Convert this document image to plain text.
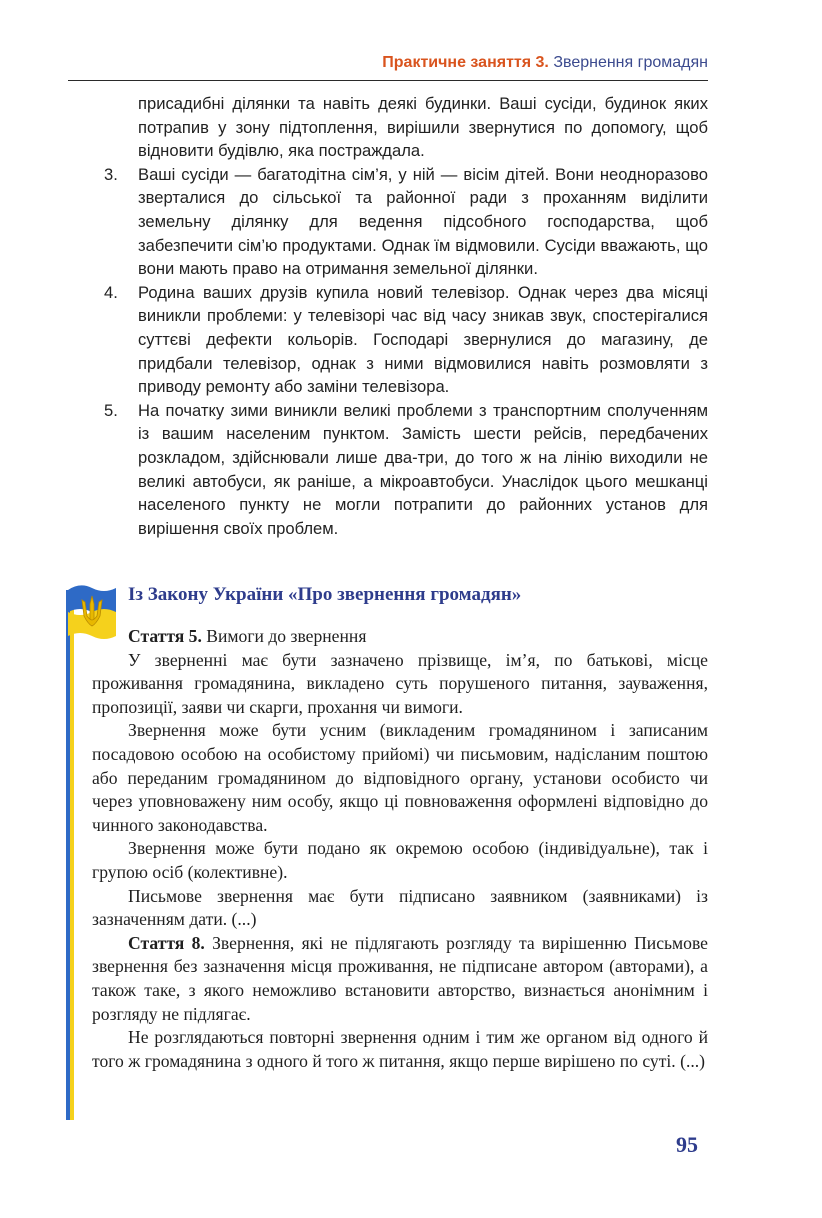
Практичне заняття 3. Звернення громадян
присадибні ділянки та навіть деякі будинки. Ваші сусіди, будинок яких потрапив у зону підтоплення, вирішили звернутися по допомогу, щоб відновити будівлю, яка постраждала.
3. Ваші сусіди — багатодітна сім’я, у ній — вісім дітей. Вони неодноразово зверталися до сільської та районної ради з проханням виділити земельну ділянку для ведення підсобного господарства, щоб забезпечити сім’ю продуктами. Однак їм відмовили. Сусіди вважають, що вони мають право на отримання земельної ділянки.
4. Родина ваших друзів купила новий телевізор. Однак через два місяці виникли проблеми: у телевізорі час від часу зникав звук, спостерігалися суттєві дефекти кольорів. Господарі звернулися до магазину, де придбали телевізор, однак з ними відмовилися навіть розмовляти з приводу ремонту або заміни телевізора.
5. На початку зими виникли великі проблеми з транспортним сполученням із вашим населеним пунктом. Замість шести рейсів, передбачених розкладом, здійснювали лише два-три, до того ж на лінію виходили не великі автобуси, як раніше, а мікроавтобуси. Унаслідок цього мешканці населеного пункту не могли потрапити до районних установ для вирішення своїх проблем.
Із Закону України «Про звернення громадян»

Стаття 5. Вимоги до звернення

У зверненні має бути зазначено прізвище, ім’я, по батькові, місце проживання громадянина, викладено суть порушеного питання, зауваження, пропозиції, заяви чи скарги, прохання чи вимоги.

Звернення може бути усним (викладеним громадянином і записаним посадовою особою на особистому прийомі) чи письмовим, надісланим поштою або переданим громадянином до відповідного органу, установи особисто чи через уповноважену ним особу, якщо ці повноваження оформлені відповідно до чинного законодавства.

Звернення може бути подано як окремою особою (індивідуальне), так і групою осіб (колективне).

Письмове звернення має бути підписано заявником (заявниками) із зазначенням дати. (...)

Стаття 8. Звернення, які не підлягають розгляду та вирішенню Письмове звернення без зазначення місця проживання, не підписане автором (авторами), а також таке, з якого неможливо встановити авторство, визнається анонімним і розгляду не підлягає.

Не розглядаються повторні звернення одним і тим же органом від одного й того ж громадянина з одного й того ж питання, якщо перше вирішено по суті. (...)

95
